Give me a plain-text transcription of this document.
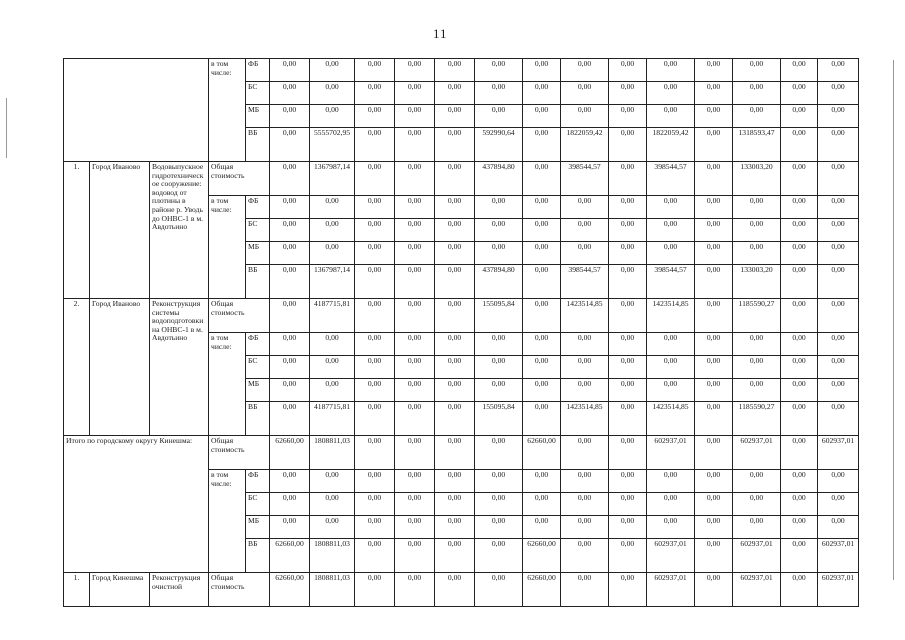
11
			в том числе:	ФБ	0,00	0,00	0,00	0,00	0,00	0,00	0,00	0,00	0,00	0,00	0,00	0,00	0,00	0,00
				БС	0,00	0,00	0,00	0,00	0,00	0,00	0,00	0,00	0,00	0,00	0,00	0,00	0,00	0,00
				МБ	0,00	0,00	0,00	0,00	0,00	0,00	0,00	0,00	0,00	0,00	0,00	0,00	0,00	0,00
				ВБ	0,00	5555702,95	0,00	0,00	0,00	592990,64	0,00	1822059,42	0,00	1822059,42	0,00	1318593,47	0,00	0,00
1.	Город Иваново	Водовыпускное гидротехническое сооружение: водовод от плотины в районе р. Уводь до ОНВС-1 в м. Авдотьино	Общая стоимость		0,00	1367987,14	0,00	0,00	0,00	437894,80	0,00	398544,57	0,00	398544,57	0,00	133003,20	0,00	0,00
			в том числе:	ФБ	0,00	0,00	0,00	0,00	0,00	0,00	0,00	0,00	0,00	0,00	0,00	0,00	0,00	0,00
				БС	0,00	0,00	0,00	0,00	0,00	0,00	0,00	0,00	0,00	0,00	0,00	0,00	0,00	0,00
				МБ	0,00	0,00	0,00	0,00	0,00	0,00	0,00	0,00	0,00	0,00	0,00	0,00	0,00	0,00
				ВБ	0,00	1367987,14	0,00	0,00	0,00	437894,80	0,00	398544,57	0,00	398544,57	0,00	133003,20	0,00	0,00
2.	Город Иваново	Реконструкция системы водоподготовки на ОНВС-1 в м. Авдотьино	Общая стоимость		0,00	4187715,81	0,00	0,00	0,00	155095,84	0,00	1423514,85	0,00	1423514,85	0,00	1185590,27	0,00	0,00
			в том числе:	ФБ	0,00	0,00	0,00	0,00	0,00	0,00	0,00	0,00	0,00	0,00	0,00	0,00	0,00	0,00
				БС	0,00	0,00	0,00	0,00	0,00	0,00	0,00	0,00	0,00	0,00	0,00	0,00	0,00	0,00
				МБ	0,00	0,00	0,00	0,00	0,00	0,00	0,00	0,00	0,00	0,00	0,00	0,00	0,00	0,00
				ВБ	0,00	4187715,81	0,00	0,00	0,00	155095,84	0,00	1423514,85	0,00	1423514,85	0,00	1185590,27	0,00	0,00
Итого по городскому округу Кинешма:			Общая стоимость		62660,00	1808811,03	0,00	0,00	0,00	0,00	62660,00	0,00	0,00	602937,01	0,00	602937,01	0,00	602937,01
			в том числе:	ФБ	0,00	0,00	0,00	0,00	0,00	0,00	0,00	0,00	0,00	0,00	0,00	0,00	0,00	0,00
				БС	0,00	0,00	0,00	0,00	0,00	0,00	0,00	0,00	0,00	0,00	0,00	0,00	0,00	0,00
				МБ	0,00	0,00	0,00	0,00	0,00	0,00	0,00	0,00	0,00	0,00	0,00	0,00	0,00	0,00
				ВБ	62660,00	1808811,03	0,00	0,00	0,00	0,00	62660,00	0,00	0,00	602937,01	0,00	602937,01	0,00	602937,01
1.	Город Кинешма	Реконструкция очистной	Общая стоимость		62660,00	1808811,03	0,00	0,00	0,00	0,00	62660,00	0,00	0,00	602937,01	0,00	602937,01	0,00	602937,01
